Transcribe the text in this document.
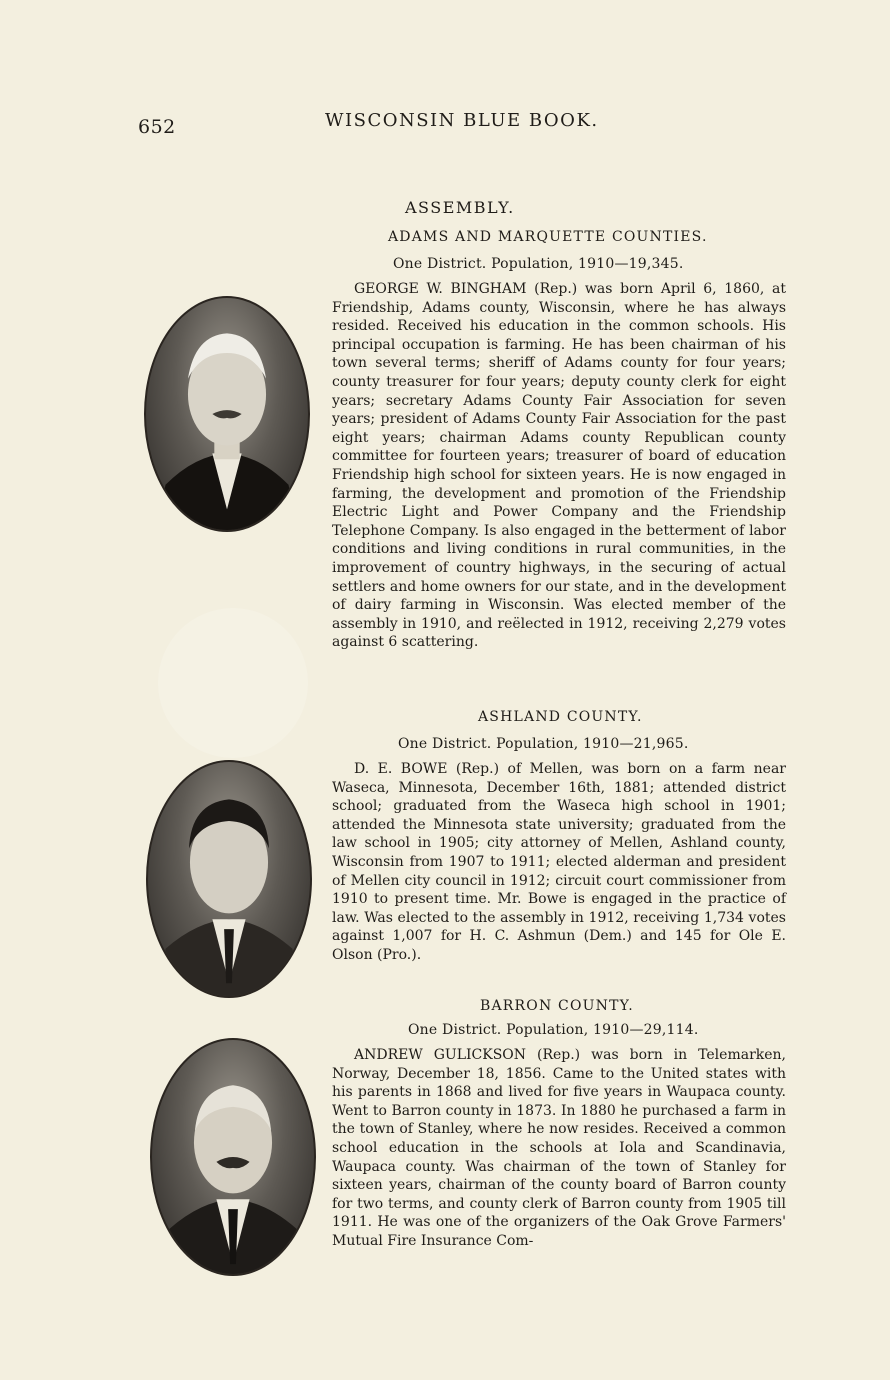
652	WISCONSIN BLUE BOOK.
ASSEMBLY.
ADAMS AND MARQUETTE COUNTIES.
One District. Population, 1910—19,345.

GEORGE W. BINGHAM (Rep.) was born April 6, 1860, at Friendship, Adams county, Wisconsin, where he has always resided. Received his education in the common schools. His principal occupation is farming. He has been chairman of his town several terms; sheriff of Adams county for four years; county treasurer for four years; deputy county clerk for eight years; secretary Adams County Fair Association for seven years; president of Adams County Fair Association for the past eight years; chairman Adams county Republican county committee for fourteen years; treasurer of board of education Friendship high school for sixteen years. He is now engaged in farming, the development and promotion of the Friendship Electric Light and Power Company and the Friendship Telephone Company. Is also engaged in the betterment of labor conditions and living conditions in rural communities, in the improvement of country highways, in the securing of actual settlers and home owners for our state, and in the development of dairy farming in Wisconsin. Was elected member of the assembly in 1910, and reëlected in 1912, receiving 2,279 votes against 6 scattering.

ASHLAND COUNTY.
One District. Population, 1910—21,965.

D. E. BOWE (Rep.) of Mellen, was born on a farm near Waseca, Minnesota, December 16th, 1881; attended district school; graduated from the Waseca high school in 1901; attended the Minnesota state university; graduated from the law school in 1905; city attorney of Mellen, Ashland county, Wisconsin from 1907 to 1911; elected alderman and president of Mellen city council in 1912; circuit court commissioner from 1910 to present time. Mr. Bowe is engaged in the practice of law. Was elected to the assembly in 1912, receiving 1,734 votes against 1,007 for H. C. Ashmun (Dem.) and 145 for Ole E. Olson (Pro.).

BARRON COUNTY.
One District. Population, 1910—29,114.

ANDREW GULICKSON (Rep.) was born in Telemarken, Norway, December 18, 1856. Came to the United states with his parents in 1868 and lived for five years in Waupaca county. Went to Barron county in 1873. In 1880 he purchased a farm in the town of Stanley, where he now resides. Received a common school education in the schools at Iola and Scandinavia, Waupaca county. Was chairman of the town of Stanley for sixteen years, chairman of the county board of Barron county for two terms, and county clerk of Barron county from 1905 till 1911. He was one of the organizers of the Oak Grove Farmers' Mutual Fire Insurance Com-
